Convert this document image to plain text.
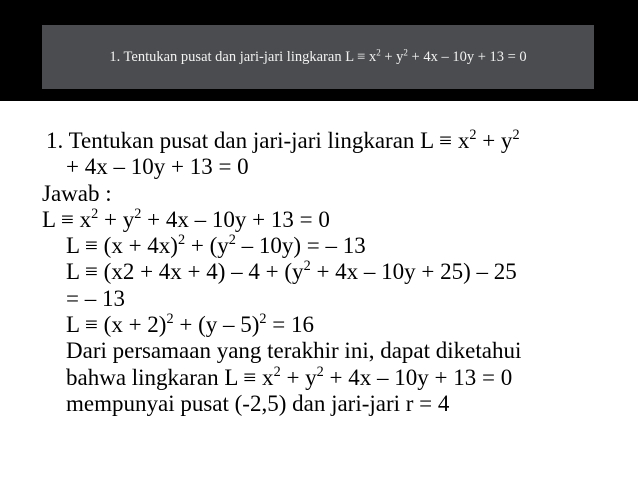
1. Tentukan pusat dan jari-jari lingkaran $L \equiv x^2 + y^2 + 4x - 10y + 13 = 0$
1. Tentukan pusat dan jari-jari lingkaran $L \equiv x^2 + y^2$
+ 4x – 10y + 13 = 0
Jawab :
$L \equiv x^2 + y^2 + 4x - 10y + 13 = 0$
$L \equiv (x + 4x)^2 + (y^2 - 10y)$ = – 13
$L \equiv (x2 + 4x + 4) - 4 + (y^2 + 4x - 10y + 25) - 25$
= – 13
$L \equiv (x + 2)^2 + (y - 5)^2 = 16$
Dari persamaan yang terakhir ini, dapat diketahui
bahwa lingkaran $L \equiv x^2 + y^2 + 4x - 10y + 13 = 0$
mempunyai pusat (-2,5) dan jari-jari r = 4
